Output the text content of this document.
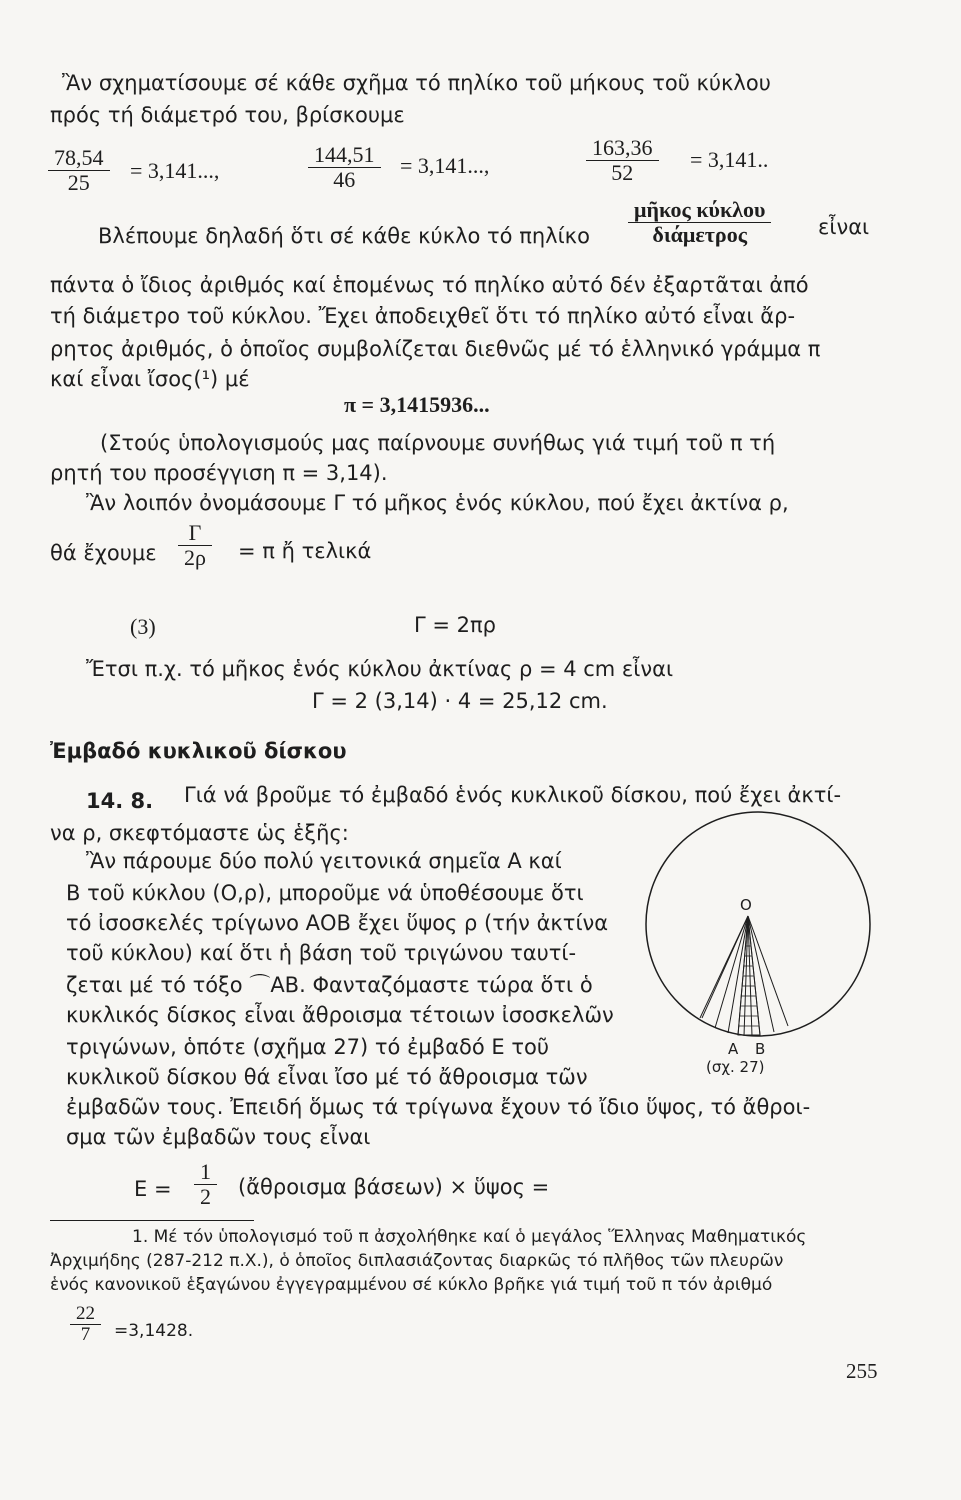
Ἂν σχηματίσουμε σέ κάθε σχῆμα τό πηλίκο τοῦ μήκους τοῦ κύκλου
πρός τή διάμετρό του, βρίσκουμε
$\frac{78,54}{25} = 3,141$...,	$\frac{144,51}{46} = 3,141$...,	$\frac{163,36}{52} = 3,141$..
Βλέπουμε δηλαδή ὅτι σέ κάθε κύκλο τό πηλίκο
μῆκος κύκλου
διάμετρος	εἶναι
πάντα ὁ ἴδιος ἀριθμός καί ἑπομένως τό πηλίκο αὐτό δέν ἐξαρτᾶται ἀπό
τή διάμετρο τοῦ κύκλου. Ἔχει ἀποδειχθεῖ ὅτι τό πηλίκο αὐτό εἶναι ἄρ-
ρητος ἀριθμός, ὁ ὁποῖος συμβολίζεται διεθνῶς μέ τό ἑλληνικό γράμμα π
καί εἶναι ἴσος(¹) μέ
π = 3,1415936...
(Στούς ὑπολογισμούς μας παίρνουμε συνήθως γιά τιμή τοῦ π τή
ρητή του προσέγγιση π = 3,14).
Ἂν λοιπόν ὀνομάσουμε Γ τό μῆκος ἑνός κύκλου, πού ἔχει ἀκτίνα ρ,
θά ἔχουμε $\frac{\Gamma}{2\rho} = \pi$ ἤ τελικά
(3)	Γ = 2πρ
Ἔτσι π.χ. τό μῆκος ἑνός κύκλου ἀκτίνας ρ = 4 cm εἶναι
Γ = 2 (3,14) · 4 = 25,12 cm.
Ἐμβαδό κυκλικοῦ δίσκου
14. 8. Γιά νά βροῦμε τό ἐμβαδό ἑνός κυκλικοῦ δίσκου, πού ἔχει ἀκτί-
να ρ, σκεφτόμαστε ὡς ἑξῆς:
Ἂν πάρουμε δύο πολύ γειτονικά σημεῖα Α καί
Β τοῦ κύκλου (Ο,ρ), μποροῦμε νά ὑποθέσουμε ὅτι
τό ἰσοσκελές τρίγωνο ΑΟΒ ἔχει ὕψος ρ (τήν ἀκτίνα
τοῦ κύκλου) καί ὅτι ἡ βάση τοῦ τριγώνου ταυτί-
ζεται μέ τό τόξο ⌒ΑΒ. Φανταζόμαστε τώρα ὅτι ὁ
κυκλικός δίσκος εἶναι ἄθροισμα τέτοιων ἰσοσκελῶν
τριγώνων, ὁπότε (σχῆμα 27) τό ἐμβαδό Ε τοῦ
κυκλικοῦ δίσκου θά εἶναι ἴσο μέ τό ἄθροισμα τῶν
ἐμβαδῶν τους. Ἐπειδή ὅμως τά τρίγωνα ἔχουν τό ἴδιο ὕψος, τό ἄθροι-
σμα τῶν ἐμβαδῶν τους εἶναι
$E = \frac{1}{2}$ (ἄθροισμα βάσεων) × ὕψος =
Ο
Α Β
(σχ. 27)
1. Μέ τόν ὑπολογισμό τοῦ π ἀσχολήθηκε καί ὁ μεγάλος Ἕλληνας Μαθηματικός
Ἀρχιμήδης (287-212 π.Χ.), ὁ ὁποῖος διπλασιάζοντας διαρκῶς τό πλῆθος τῶν πλευρῶν
ἑνός κανονικοῦ ἑξαγώνου ἐγγεγραμμένου σέ κύκλο βρῆκε γιά τιμή τοῦ π τόν ἀριθμό
$\frac{22}{7} =3,1428$.
255
